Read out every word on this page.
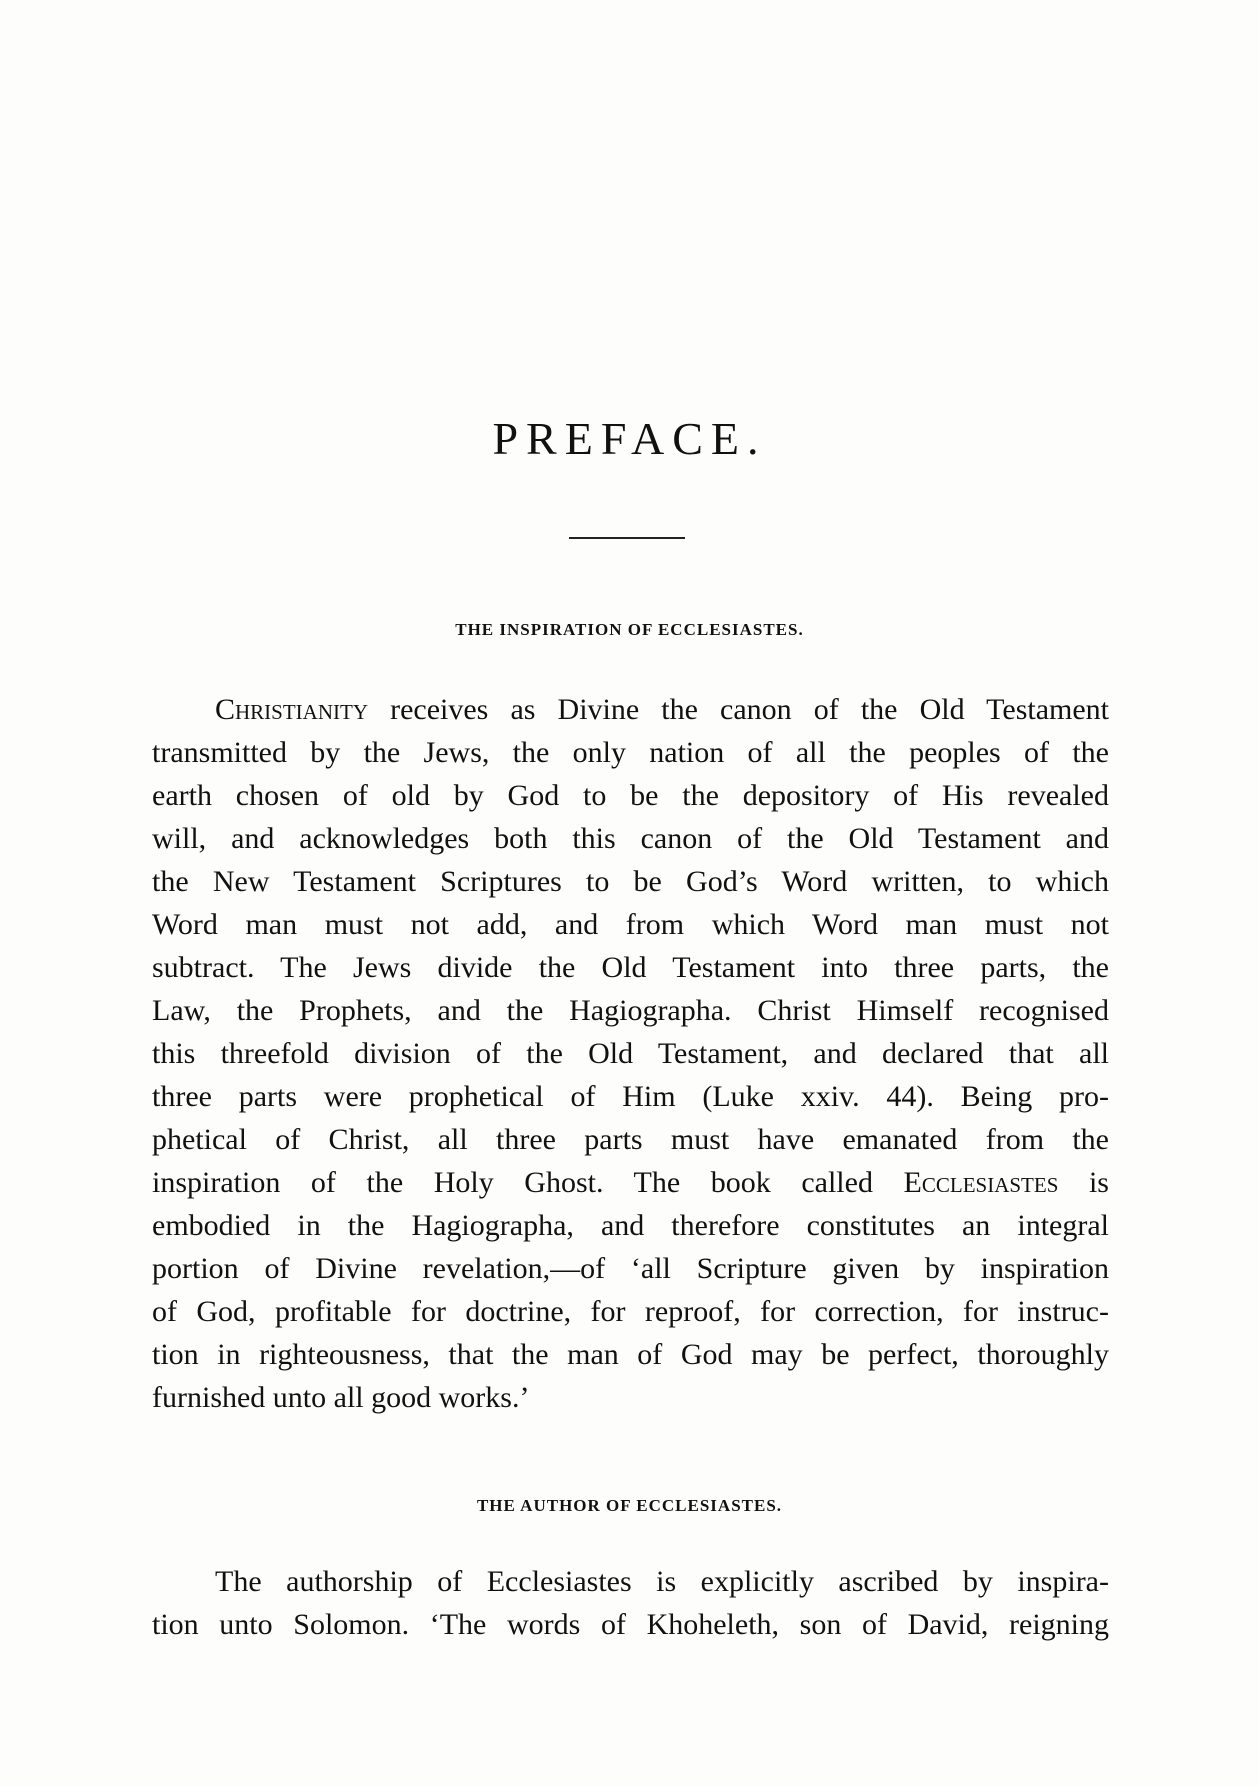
PREFACE.
THE INSPIRATION OF ECCLESIASTES.
Christianity receives as Divine the canon of the Old Testament
transmitted by the Jews, the only nation of all the peoples of the
earth chosen of old by God to be the depository of His revealed
will, and acknowledges both this canon of the Old Testament and
the New Testament Scriptures to be God’s Word written, to which
Word man must not add, and from which Word man must not
subtract. The Jews divide the Old Testament into three parts, the
Law, the Prophets, and the Hagiographa. Christ Himself recognised
this threefold division of the Old Testament, and declared that all
three parts were prophetical of Him (Luke xxiv. 44). Being pro-
phetical of Christ, all three parts must have emanated from the
inspiration of the Holy Ghost. The book called Ecclesiastes is
embodied in the Hagiographa, and therefore constitutes an integral
portion of Divine revelation,—of ‘all Scripture given by inspiration
of God, profitable for doctrine, for reproof, for correction, for instruc-
tion in righteousness, that the man of God may be perfect, thoroughly
furnished unto all good works.’
THE AUTHOR OF ECCLESIASTES.
The authorship of Ecclesiastes is explicitly ascribed by inspira-
tion unto Solomon. ‘The words of Khoheleth, son of David, reigning
